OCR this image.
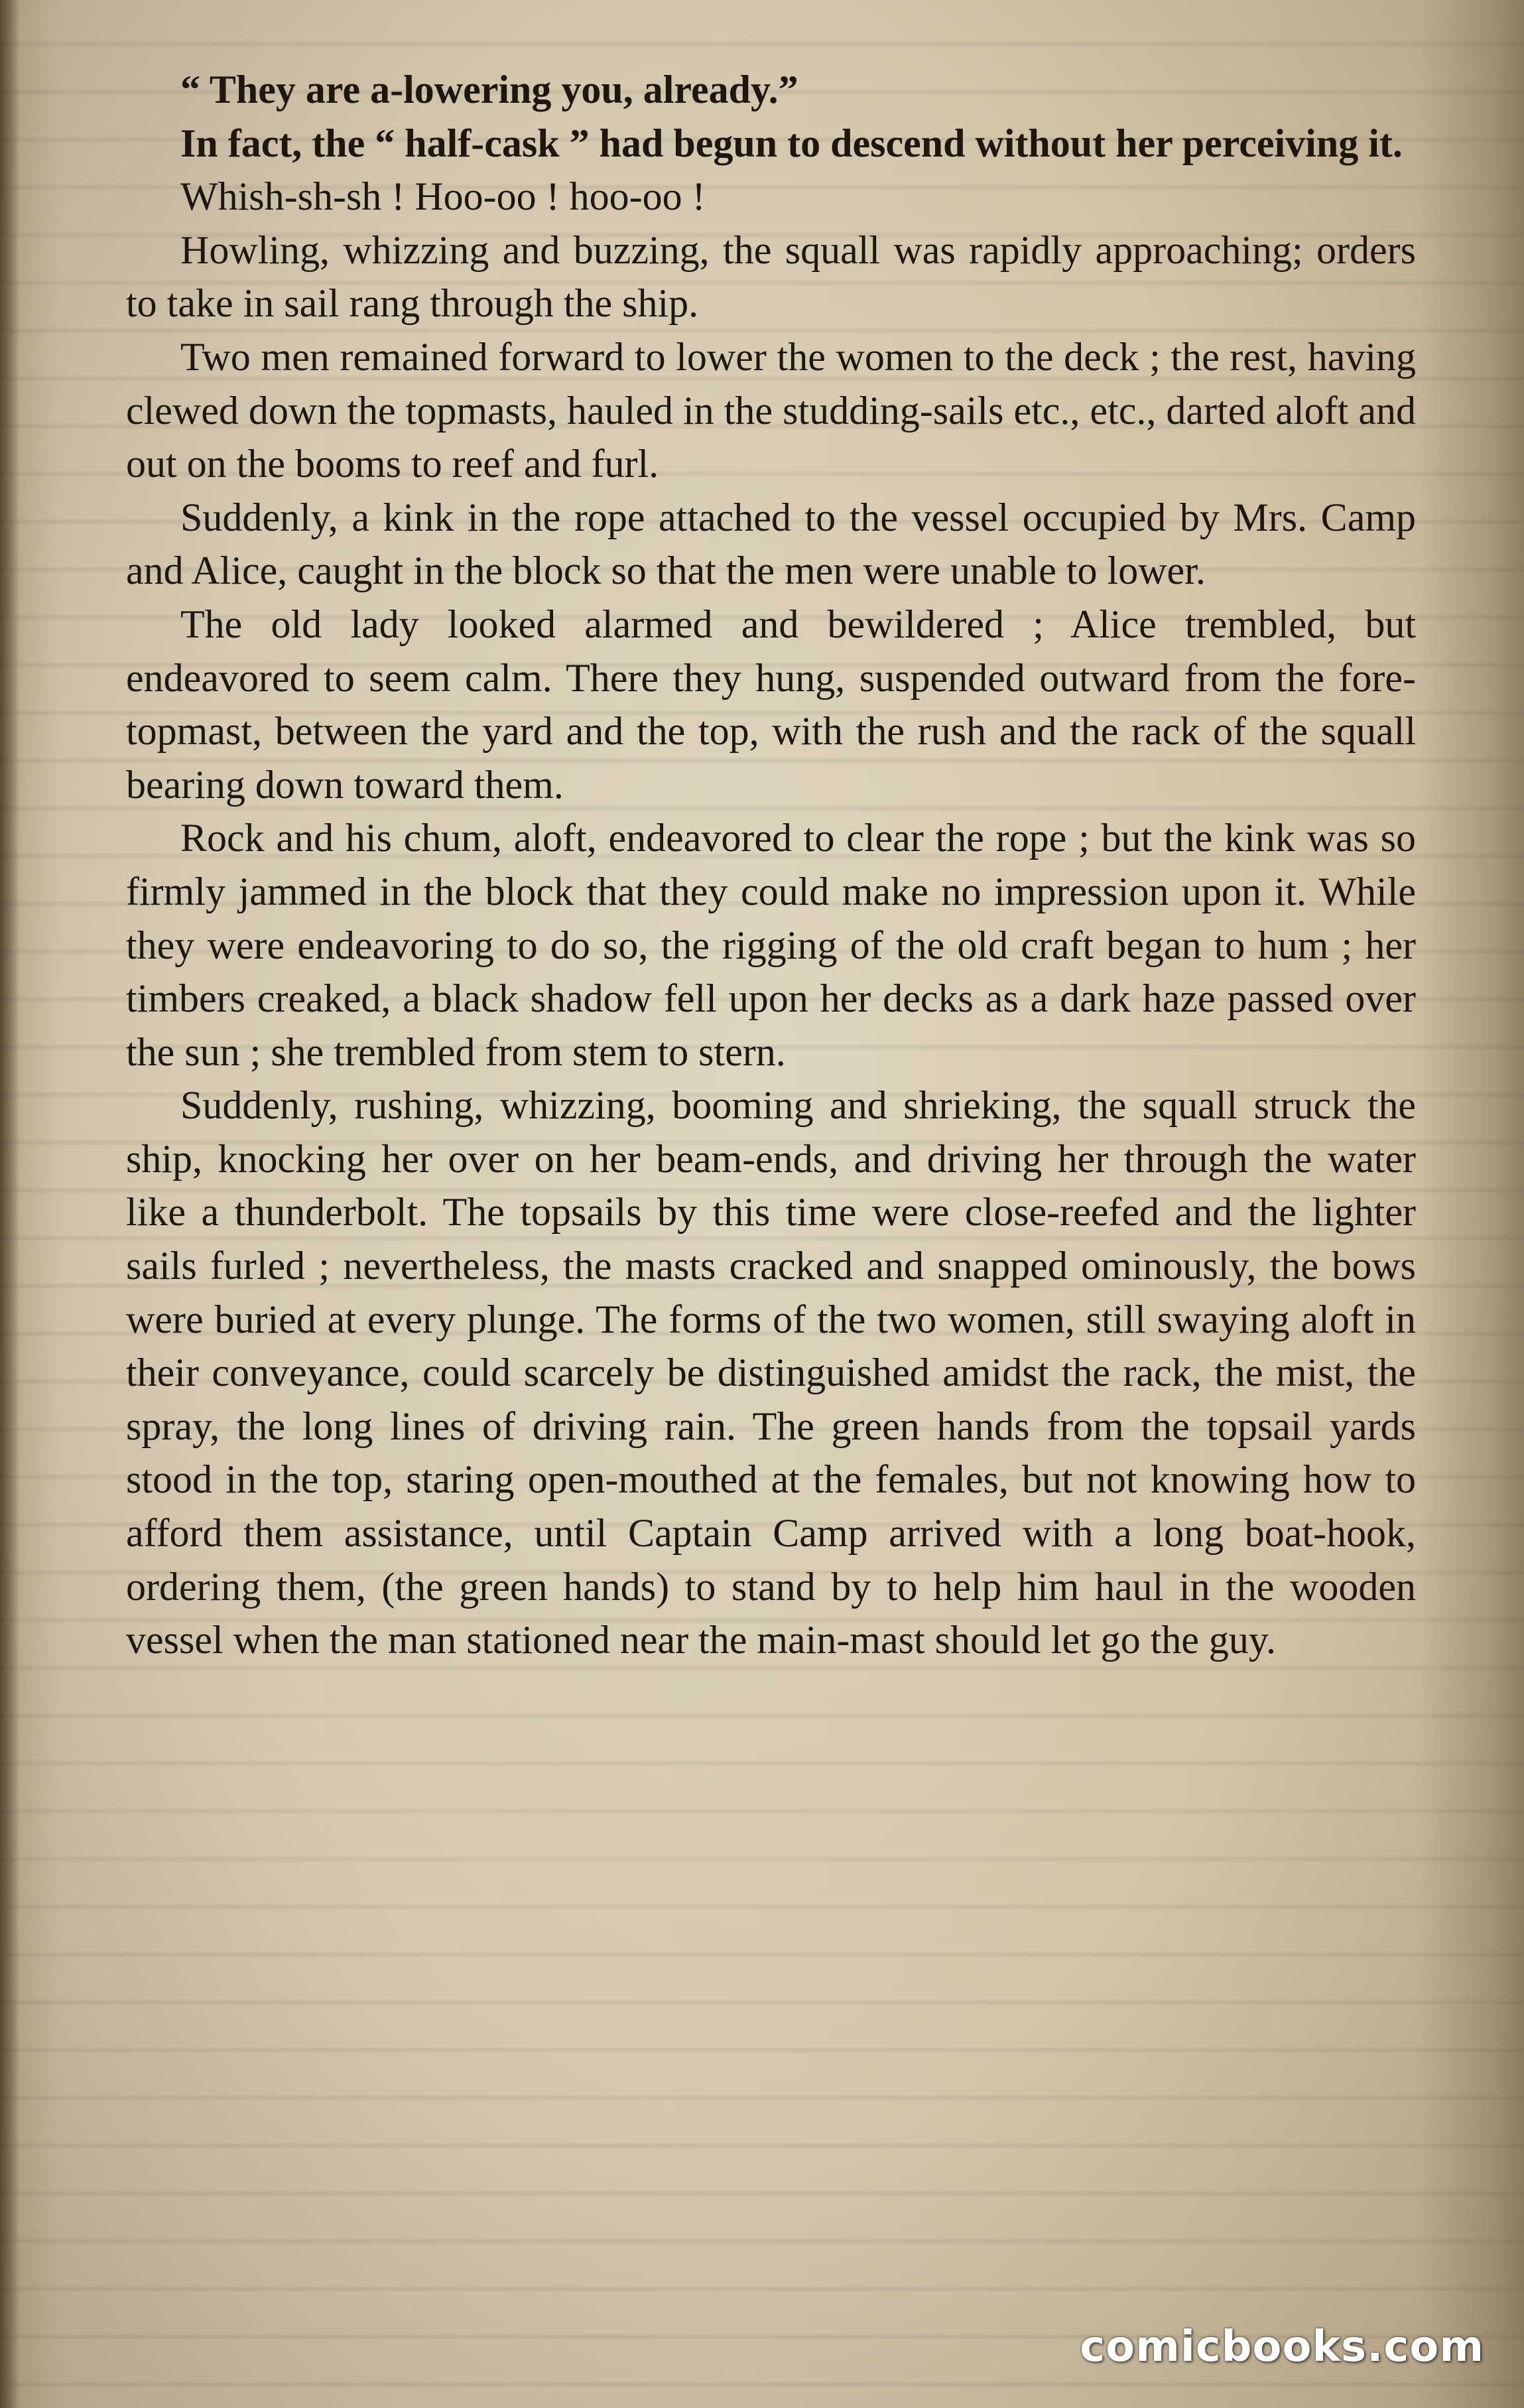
“ They are a-lowering you, already.”

In fact, the “ half-cask ” had begun to descend without her perceiving it.

Whish-sh-sh ! Hoo-oo ! hoo-oo !

Howling, whizzing and buzzing, the squall was rapidly approaching; orders to take in sail rang through the ship.

Two men remained forward to lower the women to the deck ; the rest, having clewed down the topmasts, hauled in the studding-sails etc., etc., darted aloft and out on the booms to reef and furl.

Suddenly, a kink in the rope attached to the vessel occupied by Mrs. Camp and Alice, caught in the block so that the men were unable to lower.

The old lady looked alarmed and bewildered ; Alice trembled, but endeavored to seem calm. There they hung, suspended outward from the fore-topmast, between the yard and the top, with the rush and the rack of the squall bearing down toward them.

Rock and his chum, aloft, endeavored to clear the rope ; but the kink was so firmly jammed in the block that they could make no impression upon it. While they were endeavoring to do so, the rigging of the old craft began to hum ; her timbers creaked, a black shadow fell upon her decks as a dark haze passed over the sun ; she trembled from stem to stern.

Suddenly, rushing, whizzing, booming and shrieking, the squall struck the ship, knocking her over on her beam-ends, and driving her through the water like a thunderbolt. The topsails by this time were close-reefed and the lighter sails furled ; nevertheless, the masts cracked and snapped ominously, the bows were buried at every plunge. The forms of the two women, still swaying aloft in their conveyance, could scarcely be distinguished amidst the rack, the mist, the spray, the long lines of driving rain. The green hands from the topsail yards stood in the top, staring open-mouthed at the females, but not knowing how to afford them assistance, until Captain Camp arrived with a long boat-hook, ordering them, (the green hands) to stand by to help him haul in the wooden vessel when the man stationed near the main-mast should let go the guy.

comicbooks.com
